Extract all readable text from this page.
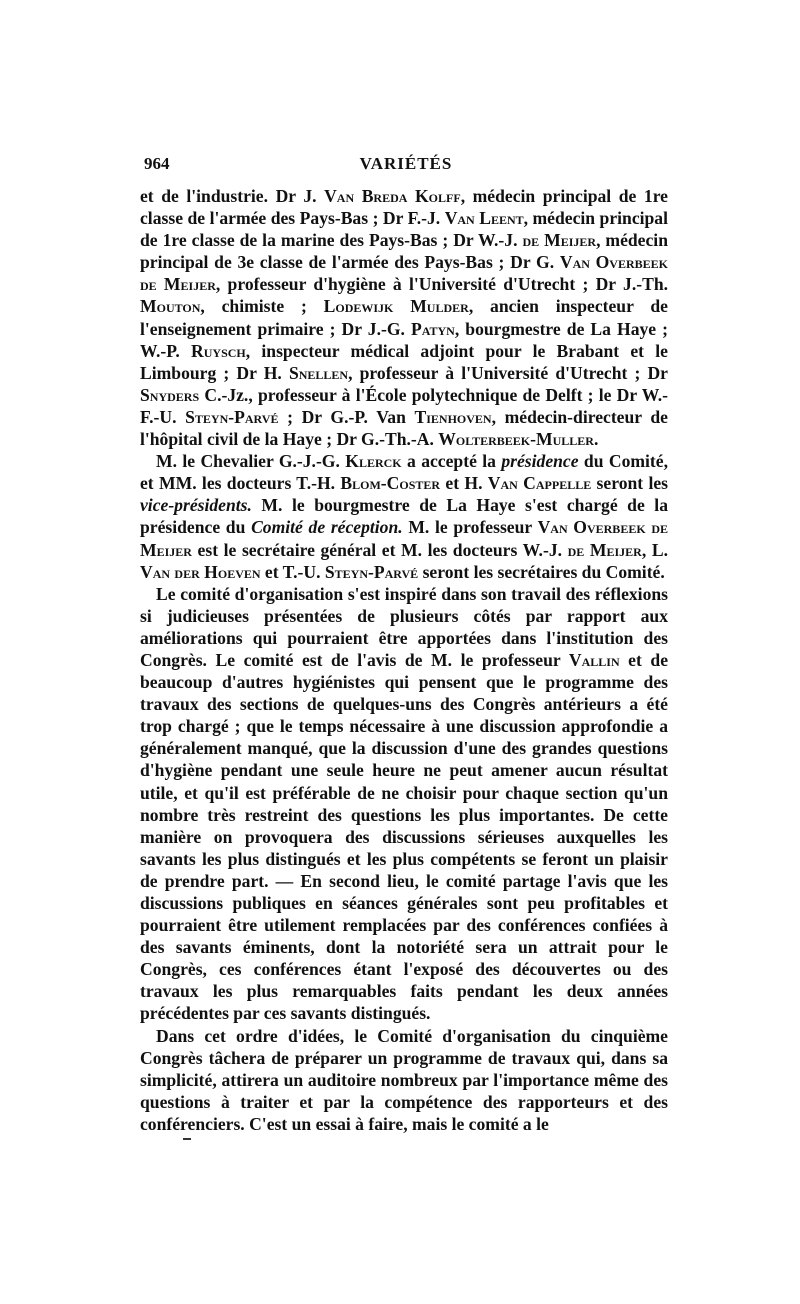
964	VARIÉTÉS

et de l'industrie. Dr J. Van Breda Kolff, médecin principal de 1re classe de l'armée des Pays-Bas ; Dr F.-J. Van Leent, médecin principal de 1re classe de la marine des Pays-Bas ; Dr W.-J. de Meijer, médecin principal de 3e classe de l'armée des Pays-Bas ; Dr G. Van Overbeek de Meijer, professeur d'hygiène à l'Université d'Utrecht ; Dr J.-Th. Mouton, chimiste ; Lodewijk Mulder, ancien inspecteur de l'enseignement primaire ; Dr J.-G. Patyn, bourgmestre de La Haye ; W.-P. Ruysch, inspecteur médical adjoint pour le Brabant et le Limbourg ; Dr H. Snellen, professeur à l'Université d'Utrecht ; Dr Snyders C.-Jz., professeur à l'École polytechnique de Delft ; le Dr W.-F.-U. Steyn-Parvé ; Dr G.-P. Van Tienhoven, médecin-directeur de l'hôpital civil de la Haye ; Dr G.-Th.-A. Wolterbeek-Muller.

M. le Chevalier G.-J.-G. Klerck a accepté la présidence du Comité, et MM. les docteurs T.-H. Blom-Coster et H. Van Cappelle seront les vice-présidents. M. le bourgmestre de La Haye s'est chargé de la présidence du Comité de réception. M. le professeur Van Overbeek de Meijer est le secrétaire général et M. les docteurs W.-J. de Meijer, L. Van der Hoeven et T.-U. Steyn-Parvé seront les secrétaires du Comité.

Le comité d'organisation s'est inspiré dans son travail des réflexions si judicieuses présentées de plusieurs côtés par rapport aux améliorations qui pourraient être apportées dans l'institution des Congrès. Le comité est de l'avis de M. le professeur Vallin et de beaucoup d'autres hygiénistes qui pensent que le programme des travaux des sections de quelques-uns des Congrès antérieurs a été trop chargé ; que le temps nécessaire à une discussion approfondie a généralement manqué, que la discussion d'une des grandes questions d'hygiène pendant une seule heure ne peut amener aucun résultat utile, et qu'il est préférable de ne choisir pour chaque section qu'un nombre très restreint des questions les plus importantes. De cette manière on provoquera des discussions sérieuses auxquelles les savants les plus distingués et les plus compétents se feront un plaisir de prendre part. — En second lieu, le comité partage l'avis que les discussions publiques en séances générales sont peu profitables et pourraient être utilement remplacées par des conférences confiées à des savants éminents, dont la notoriété sera un attrait pour le Congrès, ces conférences étant l'exposé des découvertes ou des travaux les plus remarquables faits pendant les deux années précédentes par ces savants distingués.

Dans cet ordre d'idées, le Comité d'organisation du cinquième Congrès tâchera de préparer un programme de travaux qui, dans sa simplicité, attirera un auditoire nombreux par l'importance même des questions à traiter et par la compétence des rapporteurs et des conférenciers. C'est un essai à faire, mais le comité a le
